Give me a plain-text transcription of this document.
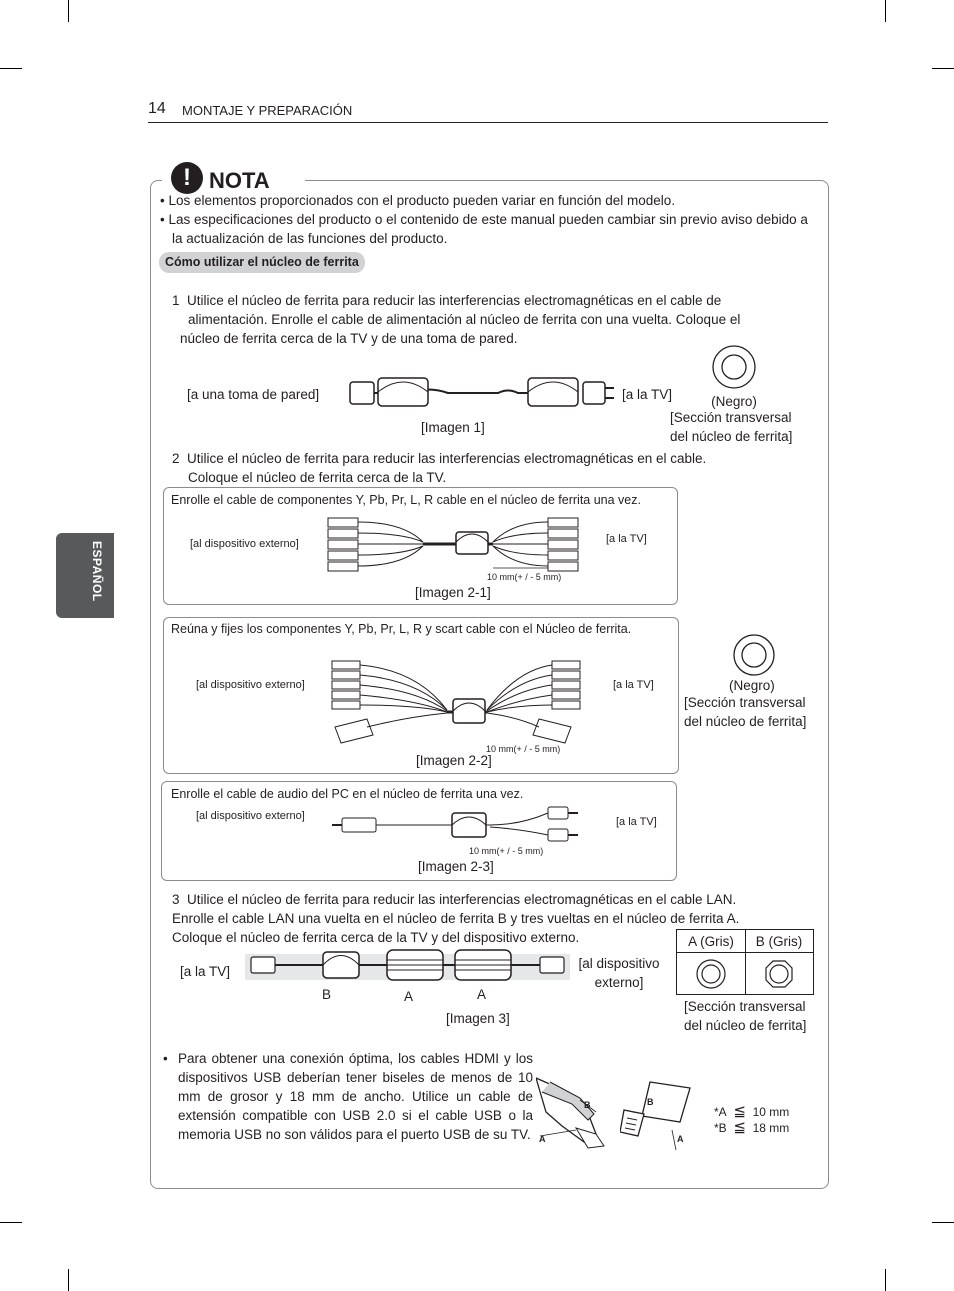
14 MONTAJE Y PREPARACIÓN
ESPAÑOL
! NOTA
• Los elementos proporcionados con el producto pueden variar en función del modelo.
• Las especificaciones del producto o el contenido de este manual pueden cambiar sin previo aviso debido a la actualización de las funciones del producto.
Cómo utilizar el núcleo de ferrita
1 Utilice el núcleo de ferrita para reducir las interferencias electromagnéticas en el cable de
alimentación. Enrolle el cable de alimentación al núcleo de ferrita con una vuelta. Coloque el
núcleo de ferrita cerca de la TV y de una toma de pared.
[a una toma de pared]	[a la TV]
[Imagen 1]
(Negro)
[Sección transversal
del núcleo de ferrita]
2 Utilice el núcleo de ferrita para reducir las interferencias electromagnéticas en el cable.
Coloque el núcleo de ferrita cerca de la TV.
Enrolle el cable de componentes Y, Pb, Pr, L, R cable en el núcleo de ferrita una vez.
[al dispositivo externo]	[a la TV]
10 mm(+ / - 5 mm)
[Imagen 2-1]
Reúna y fijes los componentes Y, Pb, Pr, L, R y scart cable con el Núcleo de ferrita.
[al dispositivo externo]	[a la TV]
10 mm(+ / - 5 mm)
[Imagen 2-2]
(Negro)
[Sección transversal
del núcleo de ferrita]
Enrolle el cable de audio del PC en el núcleo de ferrita una vez.
[al dispositivo externo]	[a la TV]
10 mm(+ / - 5 mm)
[Imagen 2-3]
3 Utilice el núcleo de ferrita para reducir las interferencias electromagnéticas en el cable LAN.
Enrolle el cable LAN una vuelta en el núcleo de ferrita B y tres vueltas en el núcleo de ferrita A.
Coloque el núcleo de ferrita cerca de la TV y del dispositivo externo.
[a la TV]
[al dispositivo
externo]
B	A	A
[Imagen 3]
A (Gris)	B (Gris)
[Sección transversal
del núcleo de ferrita]
• Para obtener una conexión óptima, los cables HDMI y los dispositivos USB deberían tener biseles de menos de 10 mm de grosor y 18 mm de ancho. Utilice un cable de extensión compatible con USB 2.0 si el cable USB o la memoria USB no son válidos para el puerto USB de su TV. A
B	B
A
*A ≦ 10 mm
*B ≦ 18 mm
